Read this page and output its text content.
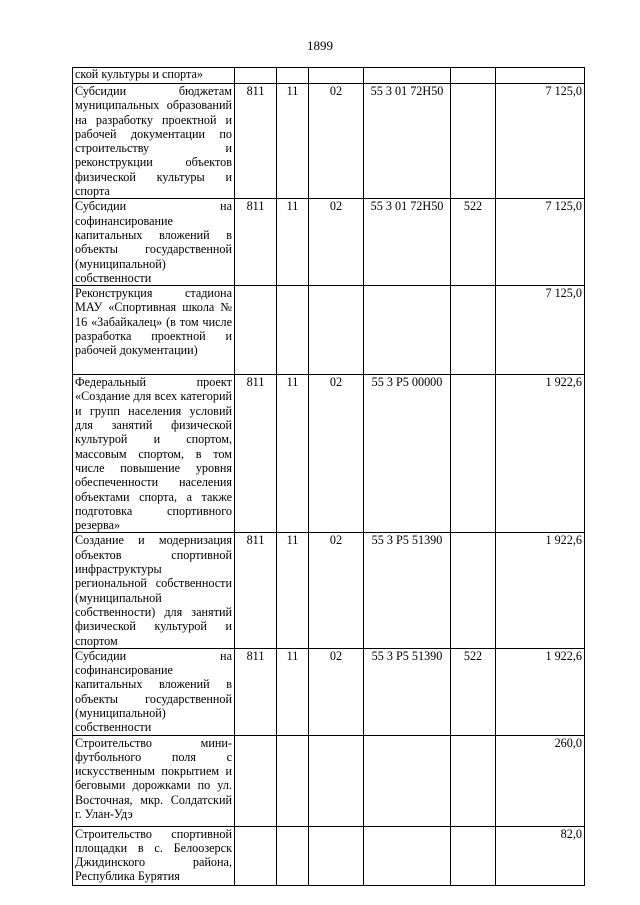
1899
ской культуры и спорта»						
Субсидии бюджетам муниципальных образований на разработку проектной и рабочей документации по строительству и реконструкции объектов физической культуры и спорта	811	11	02	55 3 01 72Н50		7 125,0
Субсидии на софинансирование капитальных вложений в объекты государственной (муниципальной) собственности	811	11	02	55 3 01 72Н50	522	7 125,0
Реконструкция стадиона МАУ «Спортивная школа № 16 «Забайкалец» (в том числе разработка проектной и рабочей документации)						7 125,0
Федеральный проект «Создание для всех категорий и групп населения условий для занятий физической культурой и спортом, массовым спортом, в том числе повышение уровня обеспеченности населения объектами спорта, а также подготовка спортивного резерва»	811	11	02	55 3 P5 00000		1 922,6
Создание и модернизация объектов спортивной инфраструктуры региональной собственности (муниципальной собственности) для занятий физической культурой и спортом	811	11	02	55 3 P5 51390		1 922,6
Субсидии на софинансирование капитальных вложений в объекты государственной (муниципальной) собственности	811	11	02	55 3 P5 51390	522	1 922,6
Строительство мини-футбольного поля с искусственным покрытием и беговыми дорожками по ул. Восточная, мкр. Солдатский г. Улан-Удэ						260,0
Строительство спортивной площадки в с. Белоозерск Джидинского района, Республика Бурятия						82,0
